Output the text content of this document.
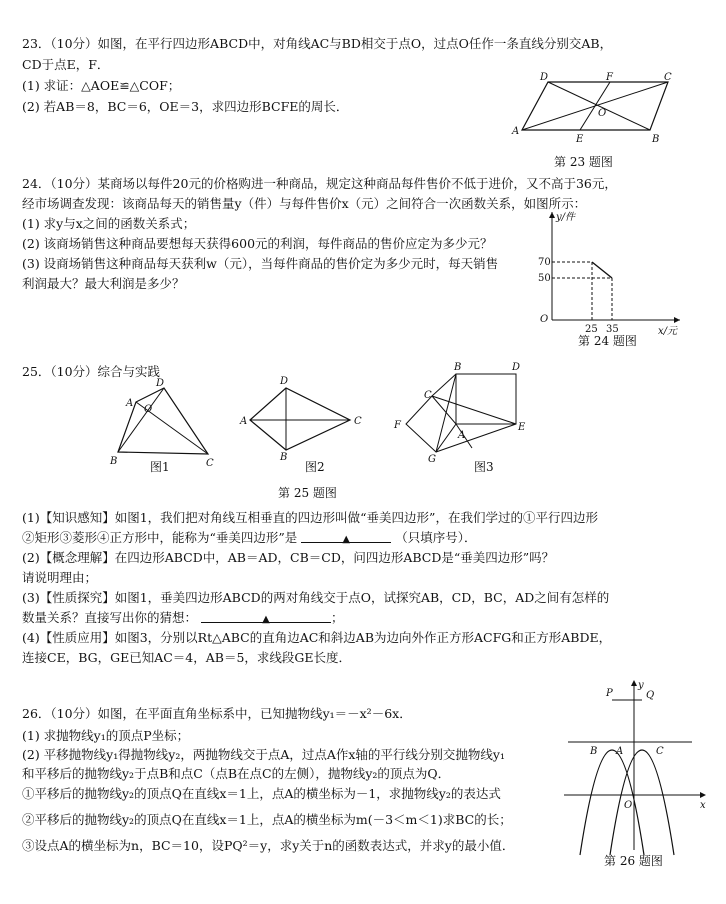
23．（10分）如图，在平行四边形ABCD中，对角线AC与BD相交于点O，过点O任作一条直线分别交AB，
CD于点E，F．
(1) 求证：△AOE≌△COF；
(2) 若AB＝8，BC＝6，OE＝3，求四边形BCFE的周长．
A
B
C
D
E
F
O
第 23 题图
24．（10分）某商场以每件20元的价格购进一种商品，规定这种商品每件售价不低于进价，又不高于36元，
经市场调查发现：该商品每天的销售量y（件）与每件售价x（元）之间符合一次函数关系，如图所示：
(1) 求y与x之间的函数关系式；
(2) 该商场销售这种商品要想每天获得600元的利润，每件商品的售价应定为多少元？
(3) 设商场销售这种商品每天获利w（元），当每件商品的售价定为多少元时，每天销售
利润最大？最大利润是多少？
y/件
x/元
O
70
50
25 35
第 24 题图
25．（10分）综合与实践
D
A
O
B	C
图1
D
A	C
B
图2
B	D
C
F
A
E
G
图3
第 25 题图
(1)【知识感知】如图1，我们把对角线互相垂直的四边形叫做“垂美四边形”，在我们学过的①平行四边形
②矩形③菱形④正方形中，能称为“垂美四边形”是	▲	（只填序号）．
(2)【概念理解】在四边形ABCD中，AB＝AD，CB＝CD，问四边形ABCD是“垂美四边形”吗？
请说明理由；
(3)【性质探究】如图1，垂美四边形ABCD的两对角线交于点O，试探究AB，CD，BC，AD之间有怎样的
数量关系？直接写出你的猜想：	▲	；
(4)【性质应用】如图3，分别以Rt△ABC的直角边AC和斜边AB为边向外作正方形ACFG和正方形ABDE，
连接CE，BG，GE已知AC＝4，AB＝5，求线段GE长度．
26．（10分）如图，在平面直角坐标系中，已知抛物线y₁＝－x²－6x．
(1) 求抛物线y₁的顶点P坐标；
(2) 平移抛物线y₁得抛物线y₂，两抛物线交于点A，过点A作x轴的平行线分别交抛物线y₁
和平移后的抛物线y₂于点B和点C（点B在点C的左侧），抛物线y₂的顶点为Q．
①平移后的抛物线y₂的顶点Q在直线x＝1上，点A的横坐标为－1，求抛物线y₂的表达式
②平移后的抛物线y₂的顶点Q在直线x＝1上，点A的横坐标为m(－3＜m＜1)求BC的长；
③设点A的横坐标为n，BC＝10，设PQ²＝y，求y关于n的函数表达式，并求y的最小值．
P	Q
y
B A	C
O	x
第 26 题图
